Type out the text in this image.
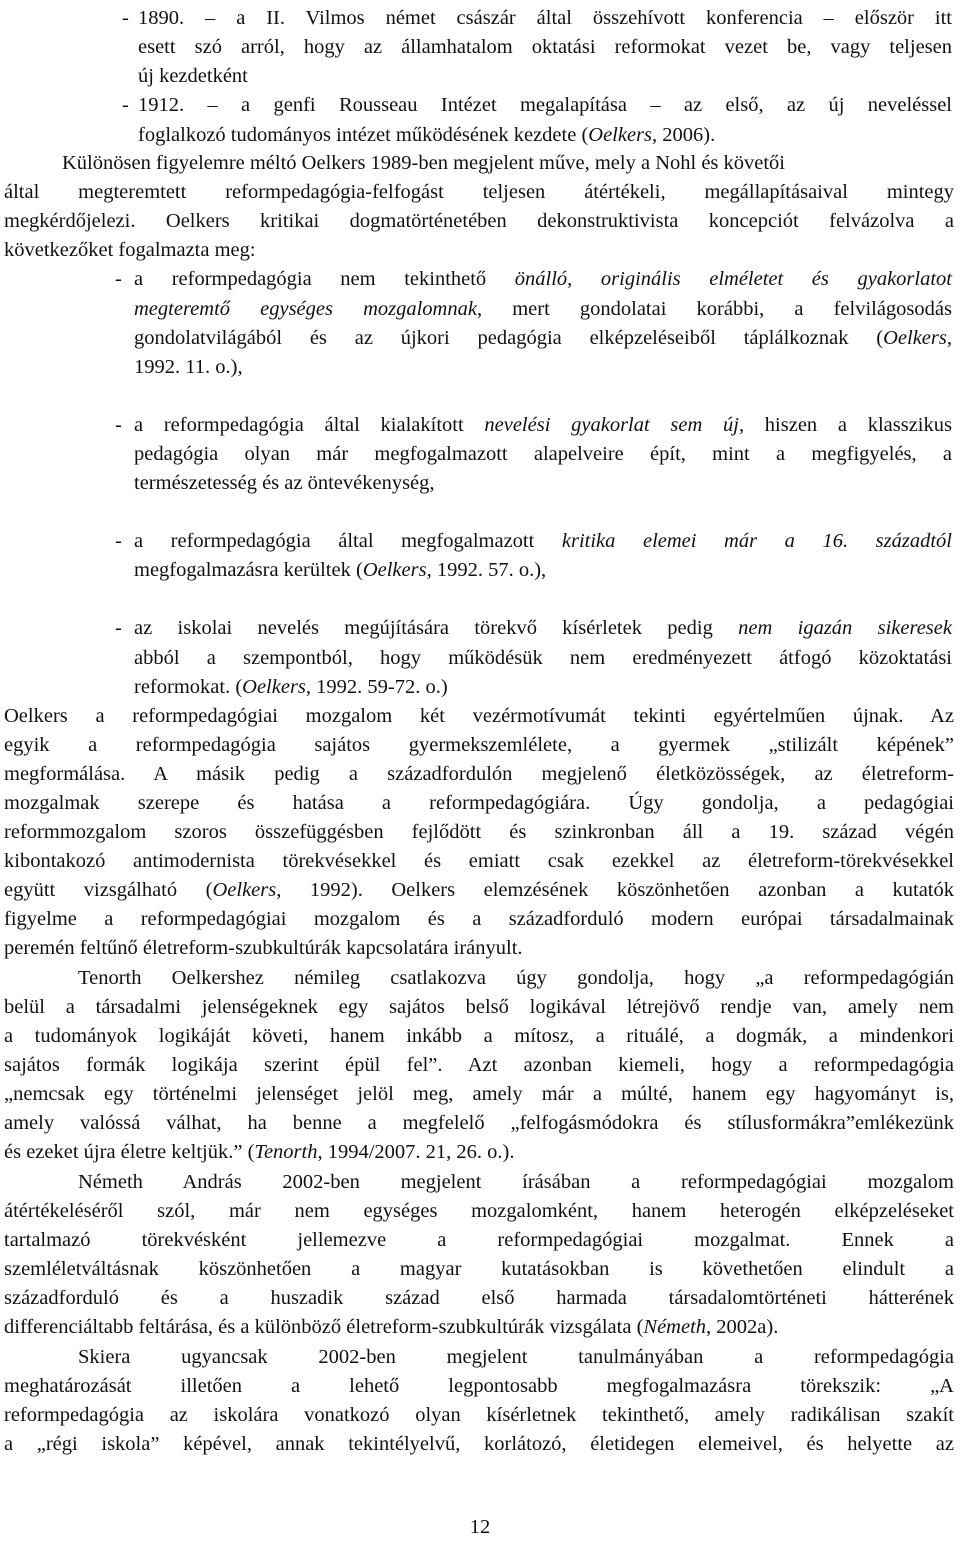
- 1890. – a II. Vilmos német császár által összehívott konferencia – először itt
esett szó arról, hogy az államhatalom oktatási reformokat vezet be, vagy teljesen
új kezdetként
- 1912. – a genfi Rousseau Intézet megalapítása – az első, az új neveléssel
foglalkozó tudományos intézet működésének kezdete (Oelkers, 2006).
Különösen figyelemre méltó Oelkers 1989-ben megjelent műve, mely a Nohl és követői
által megteremtett reformpedagógia-felfogást teljesen átértékeli, megállapításaival mintegy
megkérdőjelezi. Oelkers kritikai dogmatörténetében dekonstruktivista koncepciót felvázolva a
következőket fogalmazta meg:
- a reformpedagógia nem tekinthető önálló, originális elméletet és gyakorlatot
megteremtő egységes mozgalomnak, mert gondolatai korábbi, a felvilágosodás
gondolatvilágából és az újkori pedagógia elképzeléseiből táplálkoznak (Oelkers,
1992. 11. o.),
- a reformpedagógia által kialakított nevelési gyakorlat sem új, hiszen a klasszikus
pedagógia olyan már megfogalmazott alapelveire épít, mint a megfigyelés, a
természetesség és az öntevékenység,
- a reformpedagógia által megfogalmazott kritika elemei már a 16. századtól
megfogalmazásra kerültek (Oelkers, 1992. 57. o.),
- az iskolai nevelés megújítására törekvő kísérletek pedig nem igazán sikeresek
abból a szempontból, hogy működésük nem eredményezett átfogó közoktatási
reformokat. (Oelkers, 1992. 59-72. o.)
Oelkers a reformpedagógiai mozgalom két vezérmotívumát tekinti egyértelműen újnak. Az
egyik a reformpedagógia sajátos gyermekszemlélete, a gyermek „stilizált képének”
megformálása. A másik pedig a századfordulón megjelenő életközösségek, az életreform-
mozgalmak szerepe és hatása a reformpedagógiára. Úgy gondolja, a pedagógiai
reformmozgalom szoros összefüggésben fejlődött és szinkronban áll a 19. század végén
kibontakozó antimodernista törekvésekkel és emiatt csak ezekkel az életreform-törekvésekkel
együtt vizsgálható (Oelkers, 1992). Oelkers elemzésének köszönhetően azonban a kutatók
figyelme a reformpedagógiai mozgalom és a századforduló modern európai társadalmainak
peremén feltűnő életreform-szubkultúrák kapcsolatára irányult.
Tenorth Oelkershez némileg csatlakozva úgy gondolja, hogy „a reformpedagógián
belül a társadalmi jelenségeknek egy sajátos belső logikával létrejövő rendje van, amely nem
a tudományok logikáját követi, hanem inkább a mítosz, a rituálé, a dogmák, a mindenkori
sajátos formák logikája szerint épül fel”. Azt azonban kiemeli, hogy a reformpedagógia
„nemcsak egy történelmi jelenséget jelöl meg, amely már a múlté, hanem egy hagyományt is,
amely valóssá válhat, ha benne a megfelelő „felfogásmódokra és stílusformákra”emlékezünk
és ezeket újra életre keltjük.” (Tenorth, 1994/2007. 21, 26. o.).
Németh András 2002-ben megjelent írásában a reformpedagógiai mozgalom
átértékeléséről szól, már nem egységes mozgalomként, hanem heterogén elképzeléseket
tartalmazó törekvésként jellemezve a reformpedagógiai mozgalmat. Ennek a
szemléletváltásnak köszönhetően a magyar kutatásokban is követhetően elindult a
századforduló és a huszadik század első harmada társadalomtörténeti hátterének
differenciáltabb feltárása, és a különböző életreform-szubkultúrák vizsgálata (Németh, 2002a).
Skiera ugyancsak 2002-ben megjelent tanulmányában a reformpedagógia
meghatározását illetően a lehető legpontosabb megfogalmazásra törekszik: „A
reformpedagógia az iskolára vonatkozó olyan kísérletnek tekinthető, amely radikálisan szakít
a „régi iskola” képével, annak tekintélyelvű, korlátozó, életidegen elemeivel, és helyette az
12
